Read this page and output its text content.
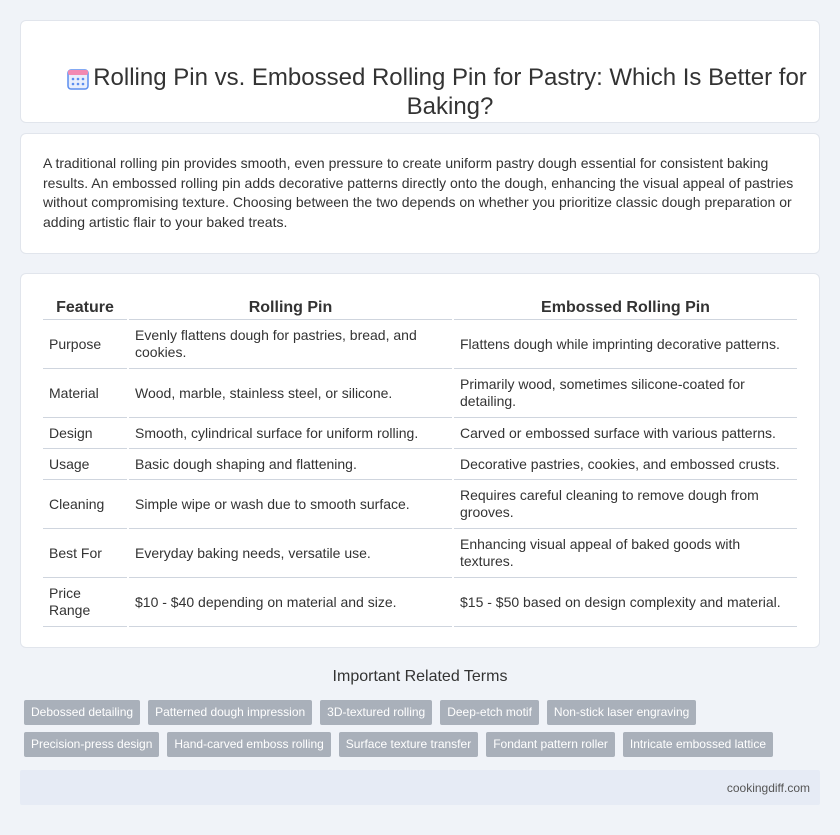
Rolling Pin vs. Embossed Rolling Pin for Pastry: Which Is Better for Baking?

A traditional rolling pin provides smooth, even pressure to create uniform pastry dough essential for consistent baking results. An embossed rolling pin adds decorative patterns directly onto the dough, enhancing the visual appeal of pastries without compromising texture. Choosing between the two depends on whether you prioritize classic dough preparation or adding artistic flair to your baked treats.

Feature	Rolling Pin	Embossed Rolling Pin
Purpose	Evenly flattens dough for pastries, bread, and cookies.	Flattens dough while imprinting decorative patterns.
Material	Wood, marble, stainless steel, or silicone.	Primarily wood, sometimes silicone-coated for detailing.
Design	Smooth, cylindrical surface for uniform rolling.	Carved or embossed surface with various patterns.
Usage	Basic dough shaping and flattening.	Decorative pastries, cookies, and embossed crusts.
Cleaning	Simple wipe or wash due to smooth surface.	Requires careful cleaning to remove dough from grooves.
Best For	Everyday baking needs, versatile use.	Enhancing visual appeal of baked goods with textures.
Price Range	$10 - $40 depending on material and size.	$15 - $50 based on design complexity and material.
Important Related Terms
Debossed detailing	Patterned dough impression	3D-textured rolling	Deep-etch motif	Non-stick laser engraving
Precision-press design	Hand-carved emboss rolling	Surface texture transfer	Fondant pattern roller	Intricate embossed lattice
cookingdiff.com
